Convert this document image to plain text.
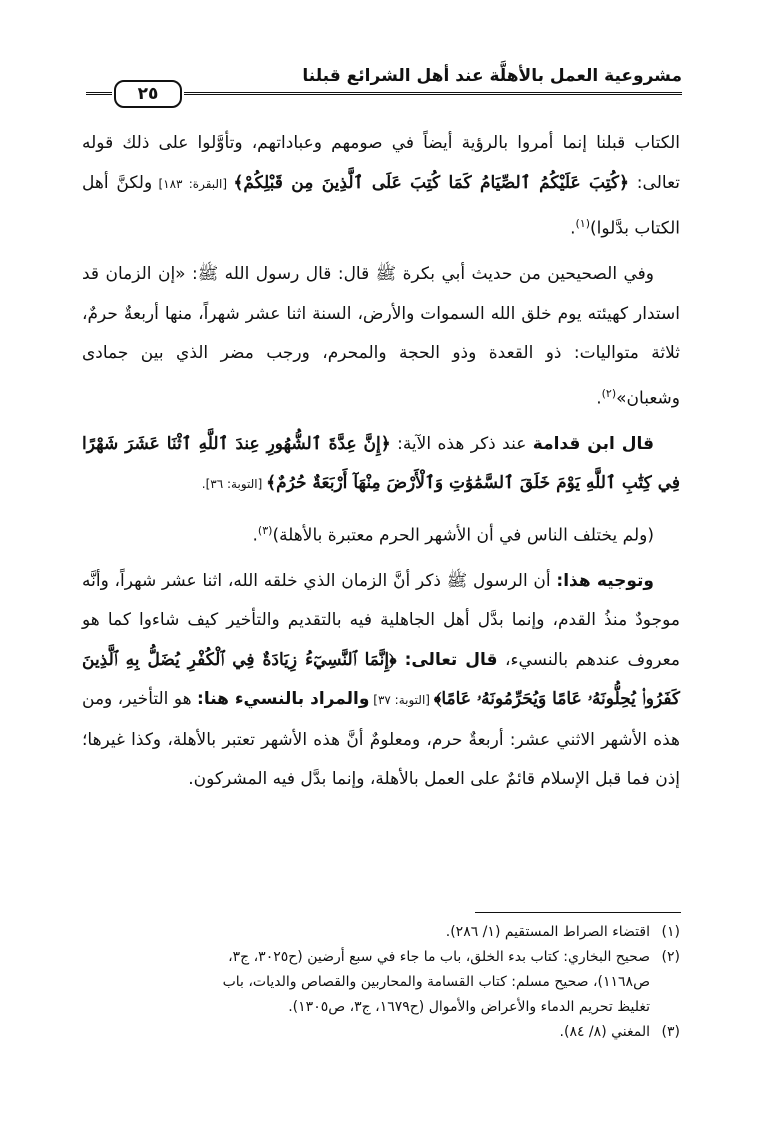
مشروعية العمل بالأهلَّة عند أهل الشرائع قبلنا
٢٥

الكتاب قبلنا إنما أمروا بالرؤية أيضاً في صومهم وعباداتهم، وتأوَّلوا على ذلك قوله تعالى: ﴿كُتِبَ عَلَيْكُمُ ٱلصِّيَامُ كَمَا كُتِبَ عَلَى ٱلَّذِينَ مِن قَبْلِكُمْ﴾ [البقرة: ١٨٣] ولكنَّ أهل الكتاب بدَّلوا)$^{(١)}$.

وفي الصحيحين من حديث أبي بكرة ﷺ قال: قال رسول الله ﷺ: «إن الزمان قد استدار كهيئته يوم خلق الله السموات والأرض، السنة اثنا عشر شهراً، منها أربعةٌ حرمٌ، ثلاثة متواليات: ذو القعدة وذو الحجة والمحرم، ورجب مضر الذي بين جمادى وشعبان»$^{(٢)}$.

قال ابن قدامة عند ذكر هذه الآية: ﴿إِنَّ عِدَّةَ ٱلشُّهُورِ عِندَ ٱللَّهِ ٱثْنَا عَشَرَ شَهْرًا فِي كِتَٰبِ ٱللَّهِ يَوْمَ خَلَقَ ٱلسَّمَٰوَٰتِ وَٱلْأَرْضَ مِنْهَآ أَرْبَعَةٌ حُرُمٌ﴾ [التوبة: ٣٦].

(ولم يختلف الناس في أن الأشهر الحرم معتبرة بالأهلة)$^{(٣)}$.

وتوجيه هذا: أن الرسول ﷺ ذكر أنَّ الزمان الذي خلقه الله، اثنا عشر شهراً، وأنَّه موجودٌ منذُ القدم، وإنما بدَّل أهل الجاهلية فيه بالتقديم والتأخير كيف شاءوا كما هو معروف عندهم بالنسيء، قال تعالى: ﴿إِنَّمَا ٱلنَّسِيٓءُ زِيَادَةٌ فِي ٱلْكُفْرِ يُضَلُّ بِهِ ٱلَّذِينَ كَفَرُوا۟ يُحِلُّونَهُۥ عَامًا وَيُحَرِّمُونَهُۥ عَامًا﴾ [التوبة: ٣٧] والمراد بالنسيء هنا: هو التأخير، ومن هذه الأشهر الاثني عشر: أربعةٌ حرم، ومعلومٌ أنَّ هذه الأشهر تعتبر بالأهلة، وكذا غيرها؛ إذن فما قبل الإسلام قائمٌ على العمل بالأهلة، وإنما بدَّل فيه المشركون.

(١)اقتضاء الصراط المستقيم (١/ ٢٨٦).

(٢)صحيح البخاري: كتاب بدء الخلق، باب ما جاء في سبع أرضين (ح٣٠٢٥، ج٣،
ص١١٦٨)، صحيح مسلم: كتاب القسامة والمحاربين والقصاص والديات، باب
تغليظ تحريم الدماء والأعراض والأموال (ح١٦٧٩، ج٣، ص١٣٠٥).

(٣)المغني (٨/ ٨٤).
